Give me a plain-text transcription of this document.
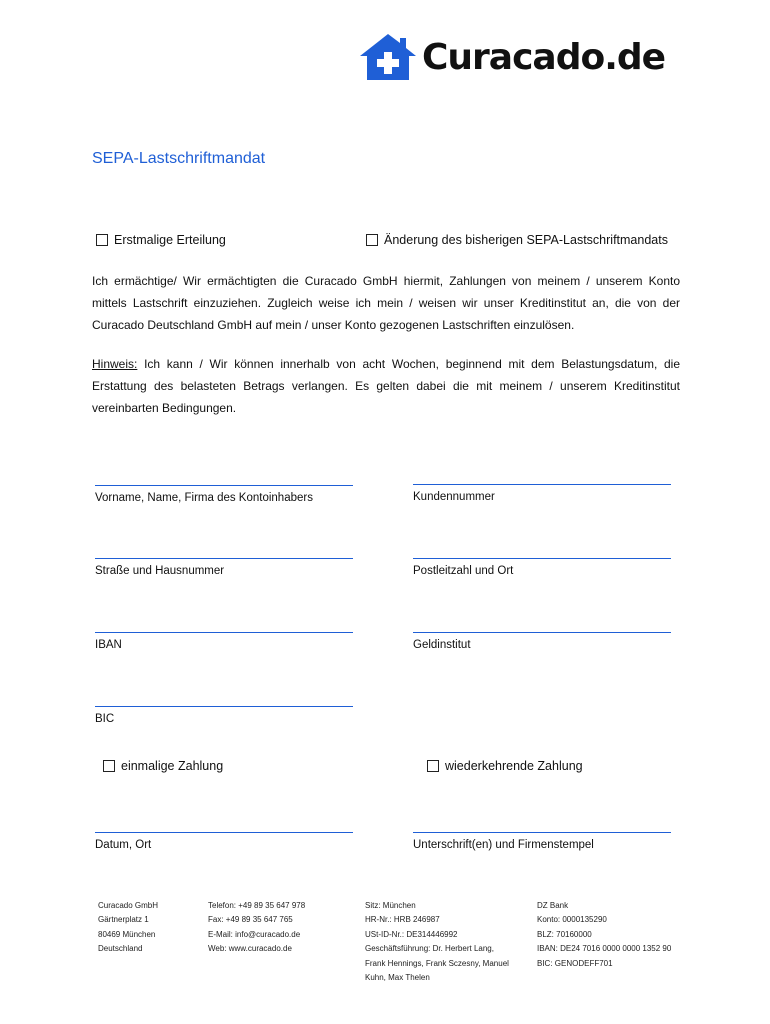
Curacado.de
SEPA-Lastschriftmandat
Erstmalige Erteilung	Änderung des bisherigen SEPA-Lastschriftmandats
Ich ermächtige/ Wir ermächtigten die Curacado GmbH hiermit, Zahlungen von meinem / unserem Konto mittels Lastschrift einzuziehen. Zugleich weise ich mein / weisen wir unser Kreditinstitut an, die von der Curacado Deutschland GmbH auf mein / unser Konto gezogenen Lastschriften einzulösen.
Hinweis: Ich kann / Wir können innerhalb von acht Wochen, beginnend mit dem Belastungsdatum, die Erstattung des belasteten Betrags verlangen. Es gelten dabei die mit meinem / unserem Kreditinstitut vereinbarten Bedingungen.
Vorname, Name, Firma des Kontoinhabers	Kundennummer
Straße und Hausnummer	Postleitzahl und Ort
IBAN	Geldinstitut
BIC
einmalige Zahlung	wiederkehrende Zahlung
Datum, Ort	Unterschrift(en) und Firmenstempel
Curacado GmbH
Gärtnerplatz 1
80469 München
Deutschland
Telefon: +49 89 35 647 978
Fax: +49 89 35 647 765
E-Mail: info@curacado.de
Web: www.curacado.de
Sitz: München
HR-Nr.: HRB 246987
USt-ID-Nr.: DE314446992
Geschäftsführung: Dr. Herbert Lang,
Frank Hennings, Frank Sczesny, Manuel
Kuhn, Max Thelen
DZ Bank
Konto: 0000135290
BLZ: 70160000
IBAN: DE24 7016 0000 0000 1352 90
BIC: GENODEFF701
